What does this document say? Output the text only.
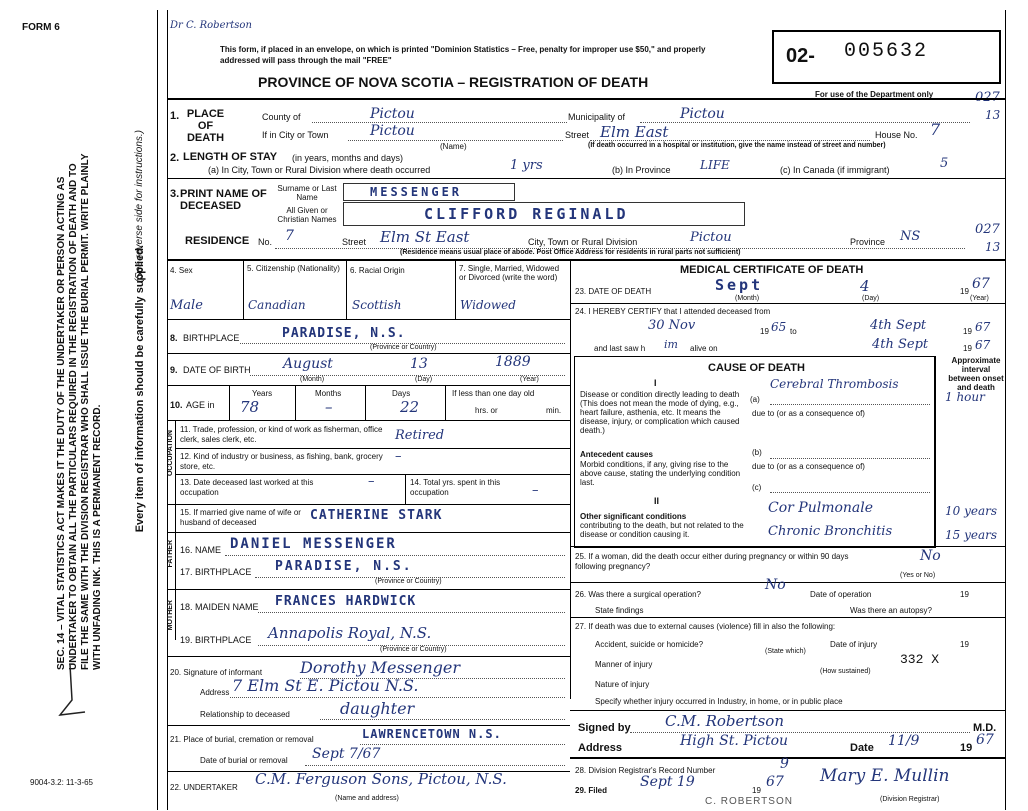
FORM 6
SEC. 14 – VITAL STATISTICS ACT MAKES IT THE DUTY OF THE UNDERTAKER OR PERSON ACTING AS UNDERTAKER TO OBTAIN ALL THE PARTICULARS REQUIRED IN THE REGISTRATION OF DEATH AND TO FILE THE SAME WITH THE DIVISION REGISTRAR WHO SHALL ISSUE THE BURIAL PERMIT. WRITE PLAINLY WITH UNFADING INK. THIS IS A PERMANENT RECORD.
Every item of information should be carefully supplied.
(See reverse side for instructions.)
9004-3.2: 11-3-65
Dr C. Robertson
This form, if placed in an envelope, on which is printed "Dominion Statistics – Free, penalty for improper use $50," and properly addressed will pass through the mail "FREE"
PROVINCE OF NOVA SCOTIA – REGISTRATION OF DEATH
02- 005632
For use of the Department only	027
13
1. PLACE OF DEATH
County of	Pictou	Municipality of	Pictou
If in City or Town	Pictou
(Name)
Street Elm East	House No. 7
(If death occurred in a hospital or institution, give the name instead of street and number)
2. LENGTH OF STAY (in years, months and days)
(a) In City, Town or Rural Division where death occurred	1 yrs	(b) In Province LIFE	(c) In Canada (if immigrant)	5
3. PRINT NAME OF DECEASED
Surname or Last Name	MESSENGER
All Given or Christian Names	CLIFFORD REGINALD
RESIDENCE No. 7	Street Elm St East	City, Town or Rural Division	Pictou	Province NS	027
13
(Residence means usual place of abode. Post Office Address for residents in rural parts not sufficient)
4. Sex	5. Citizenship (Nationality) 6. Racial Origin	7. Single, Married, Widowed or Divorced (write the word)
Male	Canadian	Scottish	Widowed
8. BIRTHPLACE	PARADISE, N.S.
(Province or Country)
9. DATE OF BIRTH August	13	1889
(Month)	(Day)	(Year)
10. AGE in
Years	Months	Days
78	–	22
If less than one day old
hrs. or	min.
OCCUPATION
11. Trade, profession, or kind of work as fisherman, office clerk, sales clerk, etc.	Retired
12. Kind of industry or business, as fishing, bank, grocery store, etc.
–
13. Date deceased last worked at this occupation
–	14. Total yrs. spent in this occupation	–
15. If married give name of wife or husband of deceased	CATHERINE STARK
FATHER 16. NAME DANIEL MESSENGER
17. BIRTHPLACE PARADISE, N.S.
(Province or Country)
MOTHER 18. MAIDEN NAME FRANCES HARDWICK
19. BIRTHPLACE Annapolis Royal, N.S.
(Province or Country)
20. Signature of informant Dorothy Messenger
Address 7 Elm St E. Pictou N.S.
Relationship to deceased	daughter
21. Place of burial, cremation or removal	LAWRENCETOWN N.S.
Date of burial or removal Sept 7/67
22. UNDERTAKER C.M. Ferguson Sons, Pictou, N.S.
(Name and address)
MEDICAL CERTIFICATE OF DEATH
23. DATE OF DEATH	Sept	4	19 67
(Month)	(Day)	(Year)
24. I HEREBY CERTIFY that I attended deceased from
30 Nov	19 65 to	4th Sept	19 67
and last saw h im alive on	4th Sept	19 67
CAUSE OF DEATH
Approximate interval between onset and death
I
Disease or condition directly leading to death (This does not mean the mode of dying, e.g., heart failure, asthenia, etc. It means the disease, injury, or complication which caused death.)
(a)
Cerebral Thrombosis
due to (or as a consequence of)
1 hour
Antecedent causes
Morbid conditions, if any, giving rise to the above cause, stating the underlying condition last.
(b)
due to (or as a consequence of)
(c)
II
Other significant conditions
contributing to the death, but not related to the disease or condition causing it.
Cor Pulmonale
Chronic Bronchitis
10 years
15 years
25. If a woman, did the death occur either during pregnancy or within 90 days following pregnancy?
No
(Yes or No)
26. Was there a surgical operation?
No
Date of operation	19
State findings	Was there an autopsy?
27. If death was due to external causes (violence) fill in also the following:
Accident, suicide or homicide?
(State which)
Date of injury	19
332 X
Manner of injury
(How sustained)
Nature of injury
Specify whether injury occurred in Industry, in home, or in public place
Signed by C.M. Robertson	M.D.
Address	High St. Pictou	Date 11/9	19 67
28. Division Registrar's Record Number	9
29. Filed
Sept 19
19
67 Mary E. Mullin
(Division Registrar)
C. ROBERTSON
